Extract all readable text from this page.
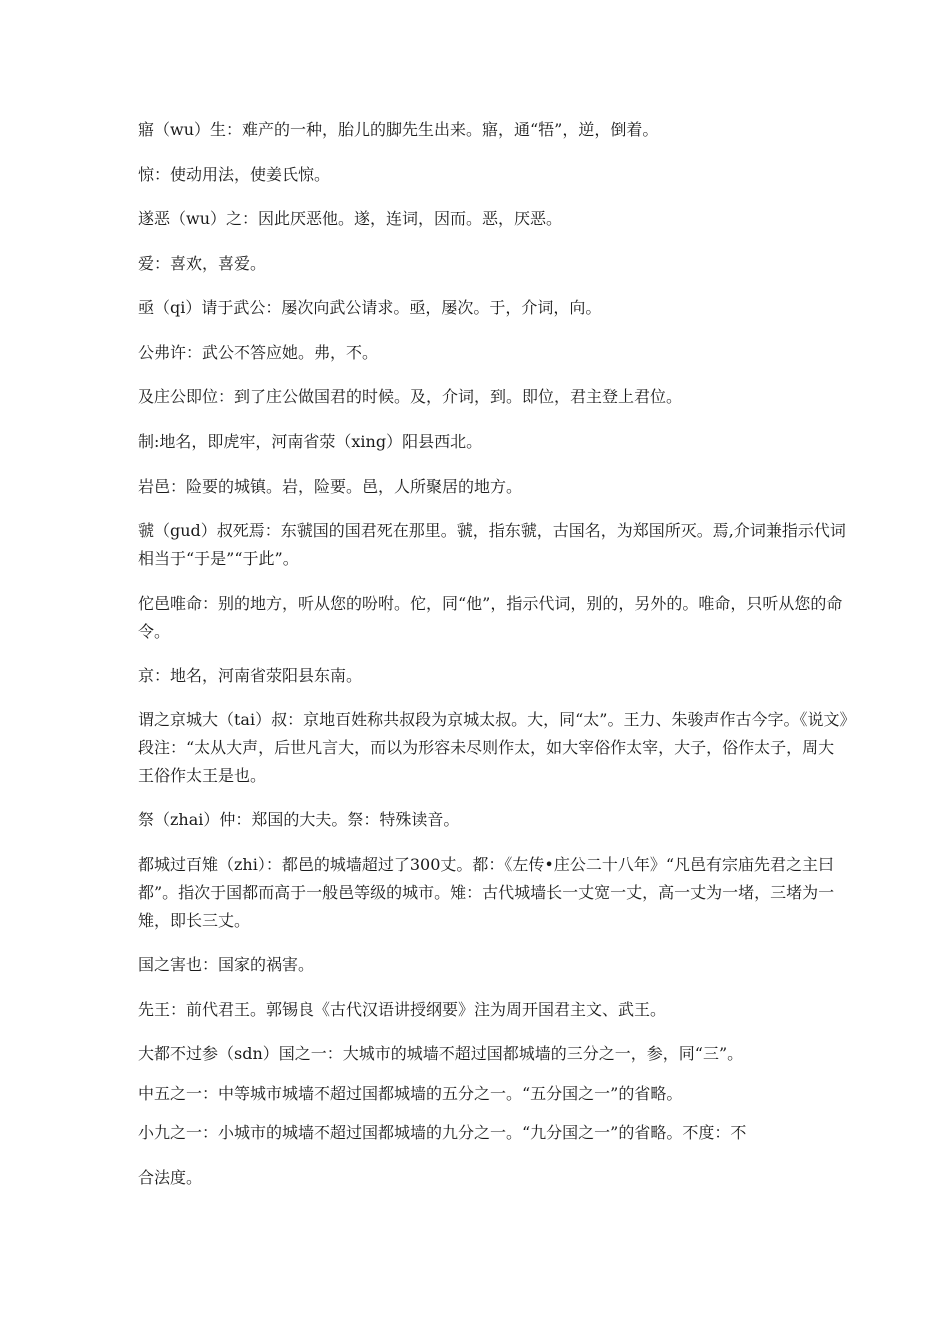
寤（wu）生：难产的一种，胎儿的脚先生出来。寤，通“牾”，逆，倒着。

惊：使动用法，使姜氏惊。

遂恶（wu）之：因此厌恶他。遂，连词，因而。恶，厌恶。

爱：喜欢，喜爱。

亟（qi）请于武公：屡次向武公请求。亟，屡次。于，介词，向。

公弗许：武公不答应她。弗，不。

及庄公即位：到了庄公做国君的时候。及，介词，到。即位，君主登上君位。

制:地名，即虎牢，河南省荥（xing）阳县西北。

岩邑：险要的城镇。岩，险要。邑，人所聚居的地方。

虢（gud）叔死焉：东虢国的国君死在那里。虢，指东虢，古国名，为郑国所灭。焉,介词兼指示代词相当于“于是”“于此”。

佗邑唯命：别的地方，听从您的吩咐。佗，同“他”，指示代词，别的，另外的。唯命，只听从您的命令。

京：地名，河南省荥阳县东南。

谓之京城大（tai）叔：京地百姓称共叔段为京城太叔。大，同“太”。王力、朱骏声作古今字。《说文》段注：“太从大声，后世凡言大，而以为形容未尽则作太，如大宰俗作太宰，大子，俗作太子，周大王俗作太王是也。

祭（zhai）仲：郑国的大夫。祭：特殊读音。

都城过百雉（zhi）：都邑的城墙超过了300丈。都：《左传•庄公二十八年》“凡邑有宗庙先君之主曰都”。指次于国都而高于一般邑等级的城市。雉：古代城墙长一丈宽一丈，高一丈为一堵，三堵为一雉，即长三丈。

国之害也：国家的祸害。

先王：前代君王。郭锡良《古代汉语讲授纲要》注为周开国君主文、武王。

大都不过参（sdn）国之一：大城市的城墙不超过国都城墙的三分之一，参，同“三”。

中五之一：中等城市城墙不超过国都城墙的五分之一。“五分国之一”的省略。

小九之一：小城市的城墙不超过国都城墙的九分之一。“九分国之一”的省略。不度：不

合法度。
